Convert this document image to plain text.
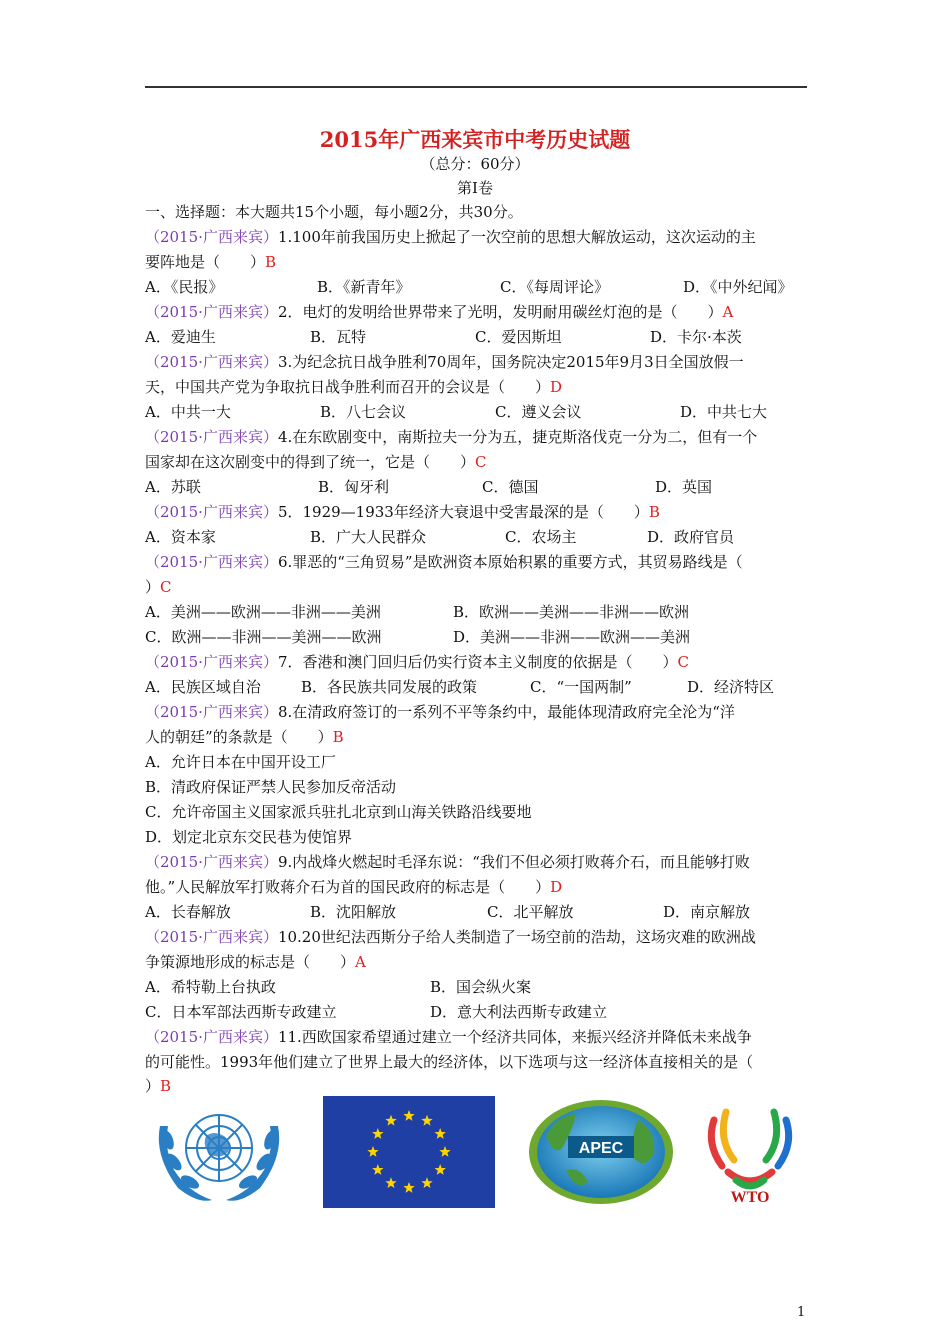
2015年广西来宾市中考历史试题
（总分：60分）
第Ⅰ卷
一、选择题：本大题共15个小题，每小题2分，共30分。
（2015·广西来宾）1.100年前我国历史上掀起了一次空前的思想大解放运动，这次运动的主
要阵地是（　　）B
A．《民报》	B．《新青年》	C．《每周评论》	D．《中外纪闻》
（2015·广西来宾）2．电灯的发明给世界带来了光明，发明耐用碳丝灯泡的是（　　）A
A．爱迪生	B．瓦特	C．爱因斯坦	D．卡尔·本茨
（2015·广西来宾）3.为纪念抗日战争胜利70周年，国务院决定2015年9月3日全国放假一
天，中国共产党为争取抗日战争胜利而召开的会议是（　　）D
A．中共一大	B．八七会议	C．遵义会议	D．中共七大
（2015·广西来宾）4.在东欧剧变中，南斯拉夫一分为五，捷克斯洛伐克一分为二，但有一个
国家却在这次剧变中的得到了统一，它是（　　）C
A．苏联	B．匈牙利	C．德国	D．英国
（2015·广西来宾）5．1929—1933年经济大衰退中受害最深的是（　　）B
A．资本家	B．广大人民群众	C．农场主	D．政府官员
（2015·广西来宾）6.罪恶的“三角贸易”是欧洲资本原始积累的重要方式，其贸易路线是（
）C
A．美洲——欧洲——非洲——美洲	B．欧洲——美洲——非洲——欧洲
C．欧洲——非洲——美洲——欧洲	D．美洲——非洲——欧洲——美洲
（2015·广西来宾）7．香港和澳门回归后仍实行资本主义制度的依据是（　　）C
A．民族区域自治	B．各民族共同发展的政策	C．“一国两制”	D．经济特区
（2015·广西来宾）8.在清政府签订的一系列不平等条约中，最能体现清政府完全沦为“洋
人的朝廷”的条款是（　　）B
A．允许日本在中国开设工厂
B．清政府保证严禁人民参加反帝活动
C．允许帝国主义国家派兵驻扎北京到山海关铁路沿线要地
D．划定北京东交民巷为使馆界
（2015·广西来宾）9.内战烽火燃起时毛泽东说：“我们不但必须打败蒋介石，而且能够打败
他。”人民解放军打败蒋介石为首的国民政府的标志是（　　）D
A．长春解放	B．沈阳解放	C．北平解放	D．南京解放
（2015·广西来宾）10.20世纪法西斯分子给人类制造了一场空前的浩劫，这场灾难的欧洲战
争策源地形成的标志是（　　）A
A．希特勒上台执政	B．国会纵火案
C．日本军部法西斯专政建立	D．意大利法西斯专政建立
（2015·广西来宾）11.西欧国家希望通过建立一个经济共同体，来振兴经济并降低未来战争
的可能性。1993年他们建立了世界上最大的经济体，以下选项与这一经济体直接相关的是（
）B
APEC
WTO
1
